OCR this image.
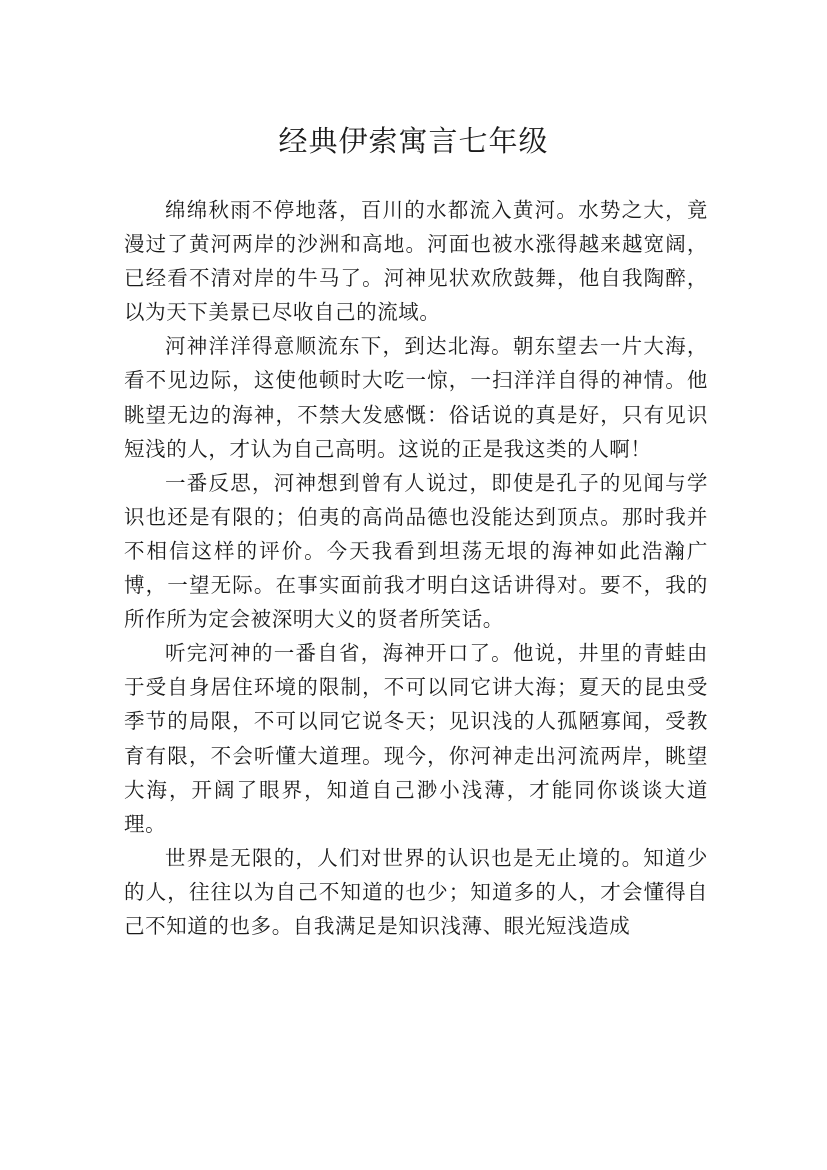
经典伊索寓言七年级

绵绵秋雨不停地落，百川的水都流入黄河。水势之大，竟漫过了黄河两岸的沙洲和高地。河面也被水涨得越来越宽阔，已经看不清对岸的牛马了。河神见状欢欣鼓舞，他自我陶醉，以为天下美景已尽收自己的流域。

河神洋洋得意顺流东下，到达北海。朝东望去一片大海，看不见边际，这使他顿时大吃一惊，一扫洋洋自得的神情。他眺望无边的海神，不禁大发感慨：俗话说的真是好，只有见识短浅的人，才认为自己高明。这说的正是我这类的人啊！

一番反思，河神想到曾有人说过，即使是孔子的见闻与学识也还是有限的；伯夷的高尚品德也没能达到顶点。那时我并不相信这样的评价。今天我看到坦荡无垠的海神如此浩瀚广博，一望无际。在事实面前我才明白这话讲得对。要不，我的所作所为定会被深明大义的贤者所笑话。

听完河神的一番自省，海神开口了。他说，井里的青蛙由于受自身居住环境的限制，不可以同它讲大海；夏天的昆虫受季节的局限，不可以同它说冬天；见识浅的人孤陋寡闻，受教育有限，不会听懂大道理。现今，你河神走出河流两岸，眺望大海，开阔了眼界，知道自己渺小浅薄，才能同你谈谈大道理。

世界是无限的，人们对世界的认识也是无止境的。知道少的人，往往以为自己不知道的也少；知道多的人，才会懂得自己不知道的也多。自我满足是知识浅薄、眼光短浅造成
